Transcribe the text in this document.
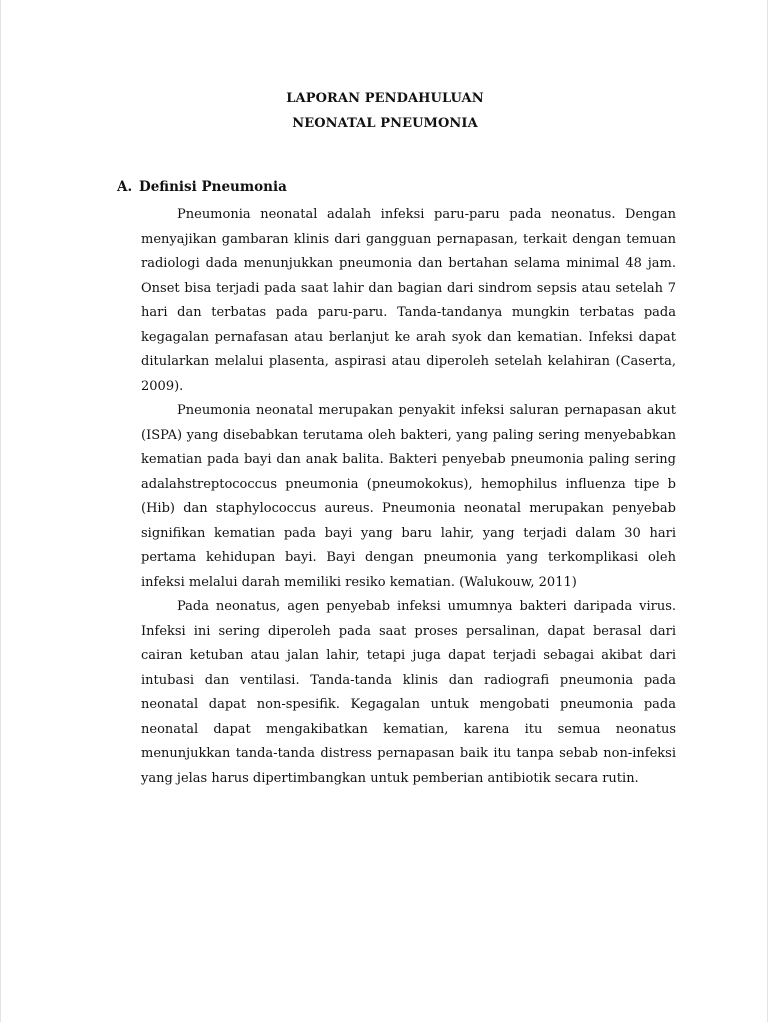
LAPORAN PENDAHULUAN
NEONATAL PNEUMONIA
A. Definisi Pneumonia

Pneumonia neonatal adalah infeksi paru-paru pada neonatus. Dengan menyajikan gambaran klinis dari gangguan pernapasan, terkait dengan temuan radiologi dada menunjukkan pneumonia dan bertahan selama minimal 48 jam. Onset bisa terjadi pada saat lahir dan bagian dari sindrom sepsis atau setelah 7 hari dan terbatas pada paru-paru. Tanda-tandanya mungkin terbatas pada kegagalan pernafasan atau berlanjut ke arah syok dan kematian. Infeksi dapat ditularkan melalui plasenta, aspirasi atau diperoleh setelah kelahiran (Caserta, 2009).

Pneumonia neonatal merupakan penyakit infeksi saluran pernapasan akut (ISPA) yang disebabkan terutama oleh bakteri, yang paling sering menyebabkan kematian pada bayi dan anak balita. Bakteri penyebab pneumonia paling sering adalahstreptococcus pneumonia (pneumokokus), hemophilus influenza tipe b (Hib) dan staphylococcus aureus. Pneumonia neonatal merupakan penyebab signifikan kematian pada bayi yang baru lahir, yang terjadi dalam 30 hari pertama kehidupan bayi. Bayi dengan pneumonia yang terkomplikasi oleh infeksi melalui darah memiliki resiko kematian. (Walukouw, 2011)

Pada neonatus, agen penyebab infeksi umumnya bakteri daripada virus. Infeksi ini sering diperoleh pada saat proses persalinan, dapat berasal dari cairan ketuban atau jalan lahir, tetapi juga dapat terjadi sebagai akibat dari intubasi dan ventilasi. Tanda-tanda klinis dan radiografi pneumonia pada neonatal dapat non-spesifik. Kegagalan untuk mengobati pneumonia pada neonatal dapat mengakibatkan kematian, karena itu semua neonatus menunjukkan tanda-tanda distress pernapasan baik itu tanpa sebab non-infeksi yang jelas harus dipertimbangkan untuk pemberian antibiotik secara rutin.
